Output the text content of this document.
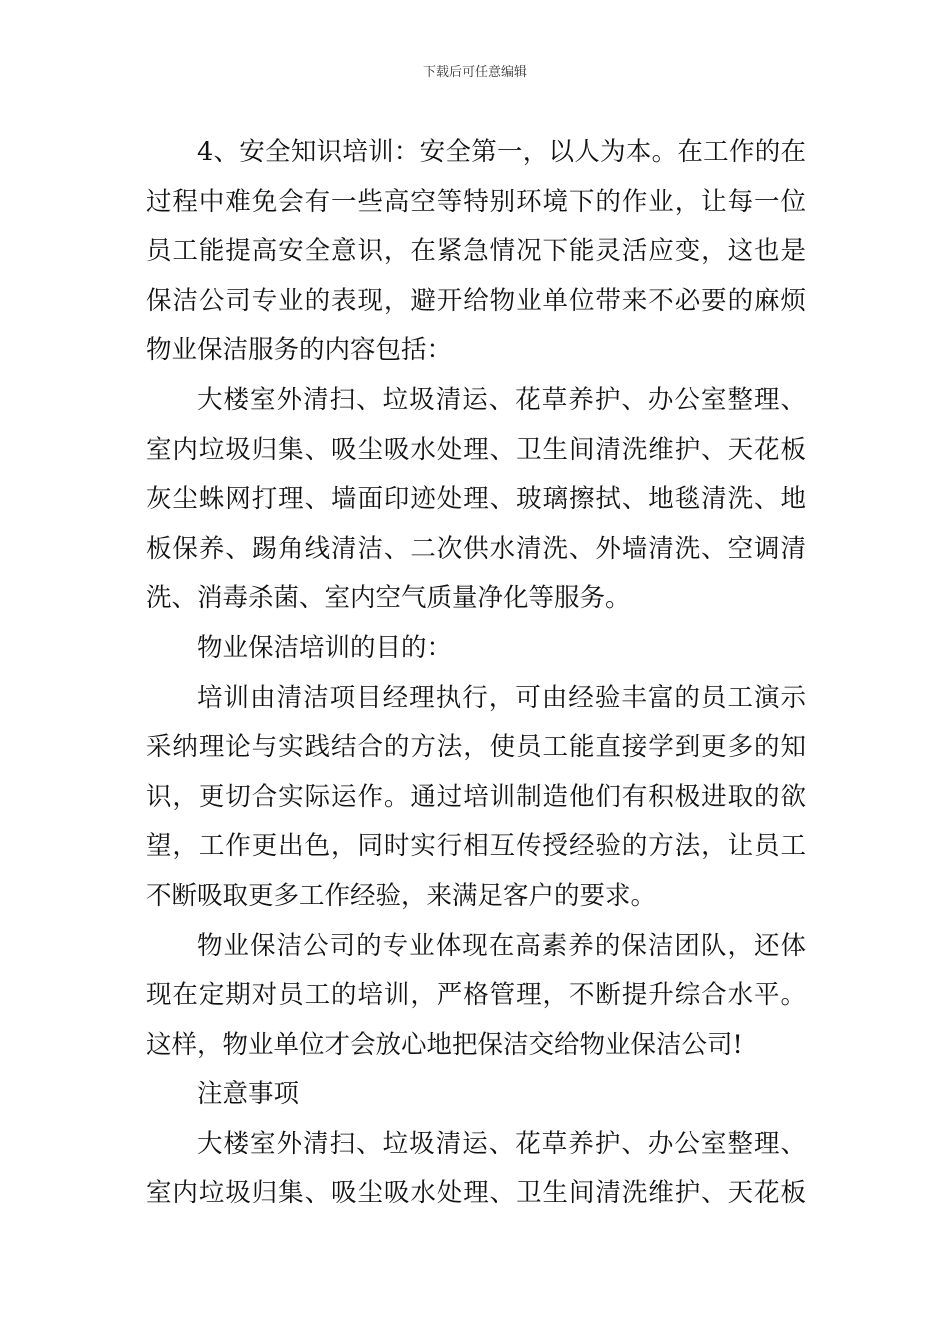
下载后可任意编辑
4、安全知识培训：安全第一，以人为本。在工作的在
过程中难免会有一些高空等特别环境下的作业，让每一位
员工能提高安全意识，在紧急情况下能灵活应变，这也是
保洁公司专业的表现，避开给物业单位带来不必要的麻烦
物业保洁服务的内容包括：
大楼室外清扫、垃圾清运、花草养护、办公室整理、
室内垃圾归集、吸尘吸水处理、卫生间清洗维护、天花板
灰尘蛛网打理、墙面印迹处理、玻璃擦拭、地毯清洗、地
板保养、踢角线清洁、二次供水清洗、外墙清洗、空调清
洗、消毒杀菌、室内空气质量净化等服务。
物业保洁培训的目的：
培训由清洁项目经理执行，可由经验丰富的员工演示
采纳理论与实践结合的方法，使员工能直接学到更多的知
识，更切合实际运作。通过培训制造他们有积极进取的欲
望，工作更出色，同时实行相互传授经验的方法，让员工
不断吸取更多工作经验，来满足客户的要求。
物业保洁公司的专业体现在高素养的保洁团队，还体
现在定期对员工的培训，严格管理，不断提升综合水平。
这样，物业单位才会放心地把保洁交给物业保洁公司!
注意事项
大楼室外清扫、垃圾清运、花草养护、办公室整理、
室内垃圾归集、吸尘吸水处理、卫生间清洗维护、天花板
